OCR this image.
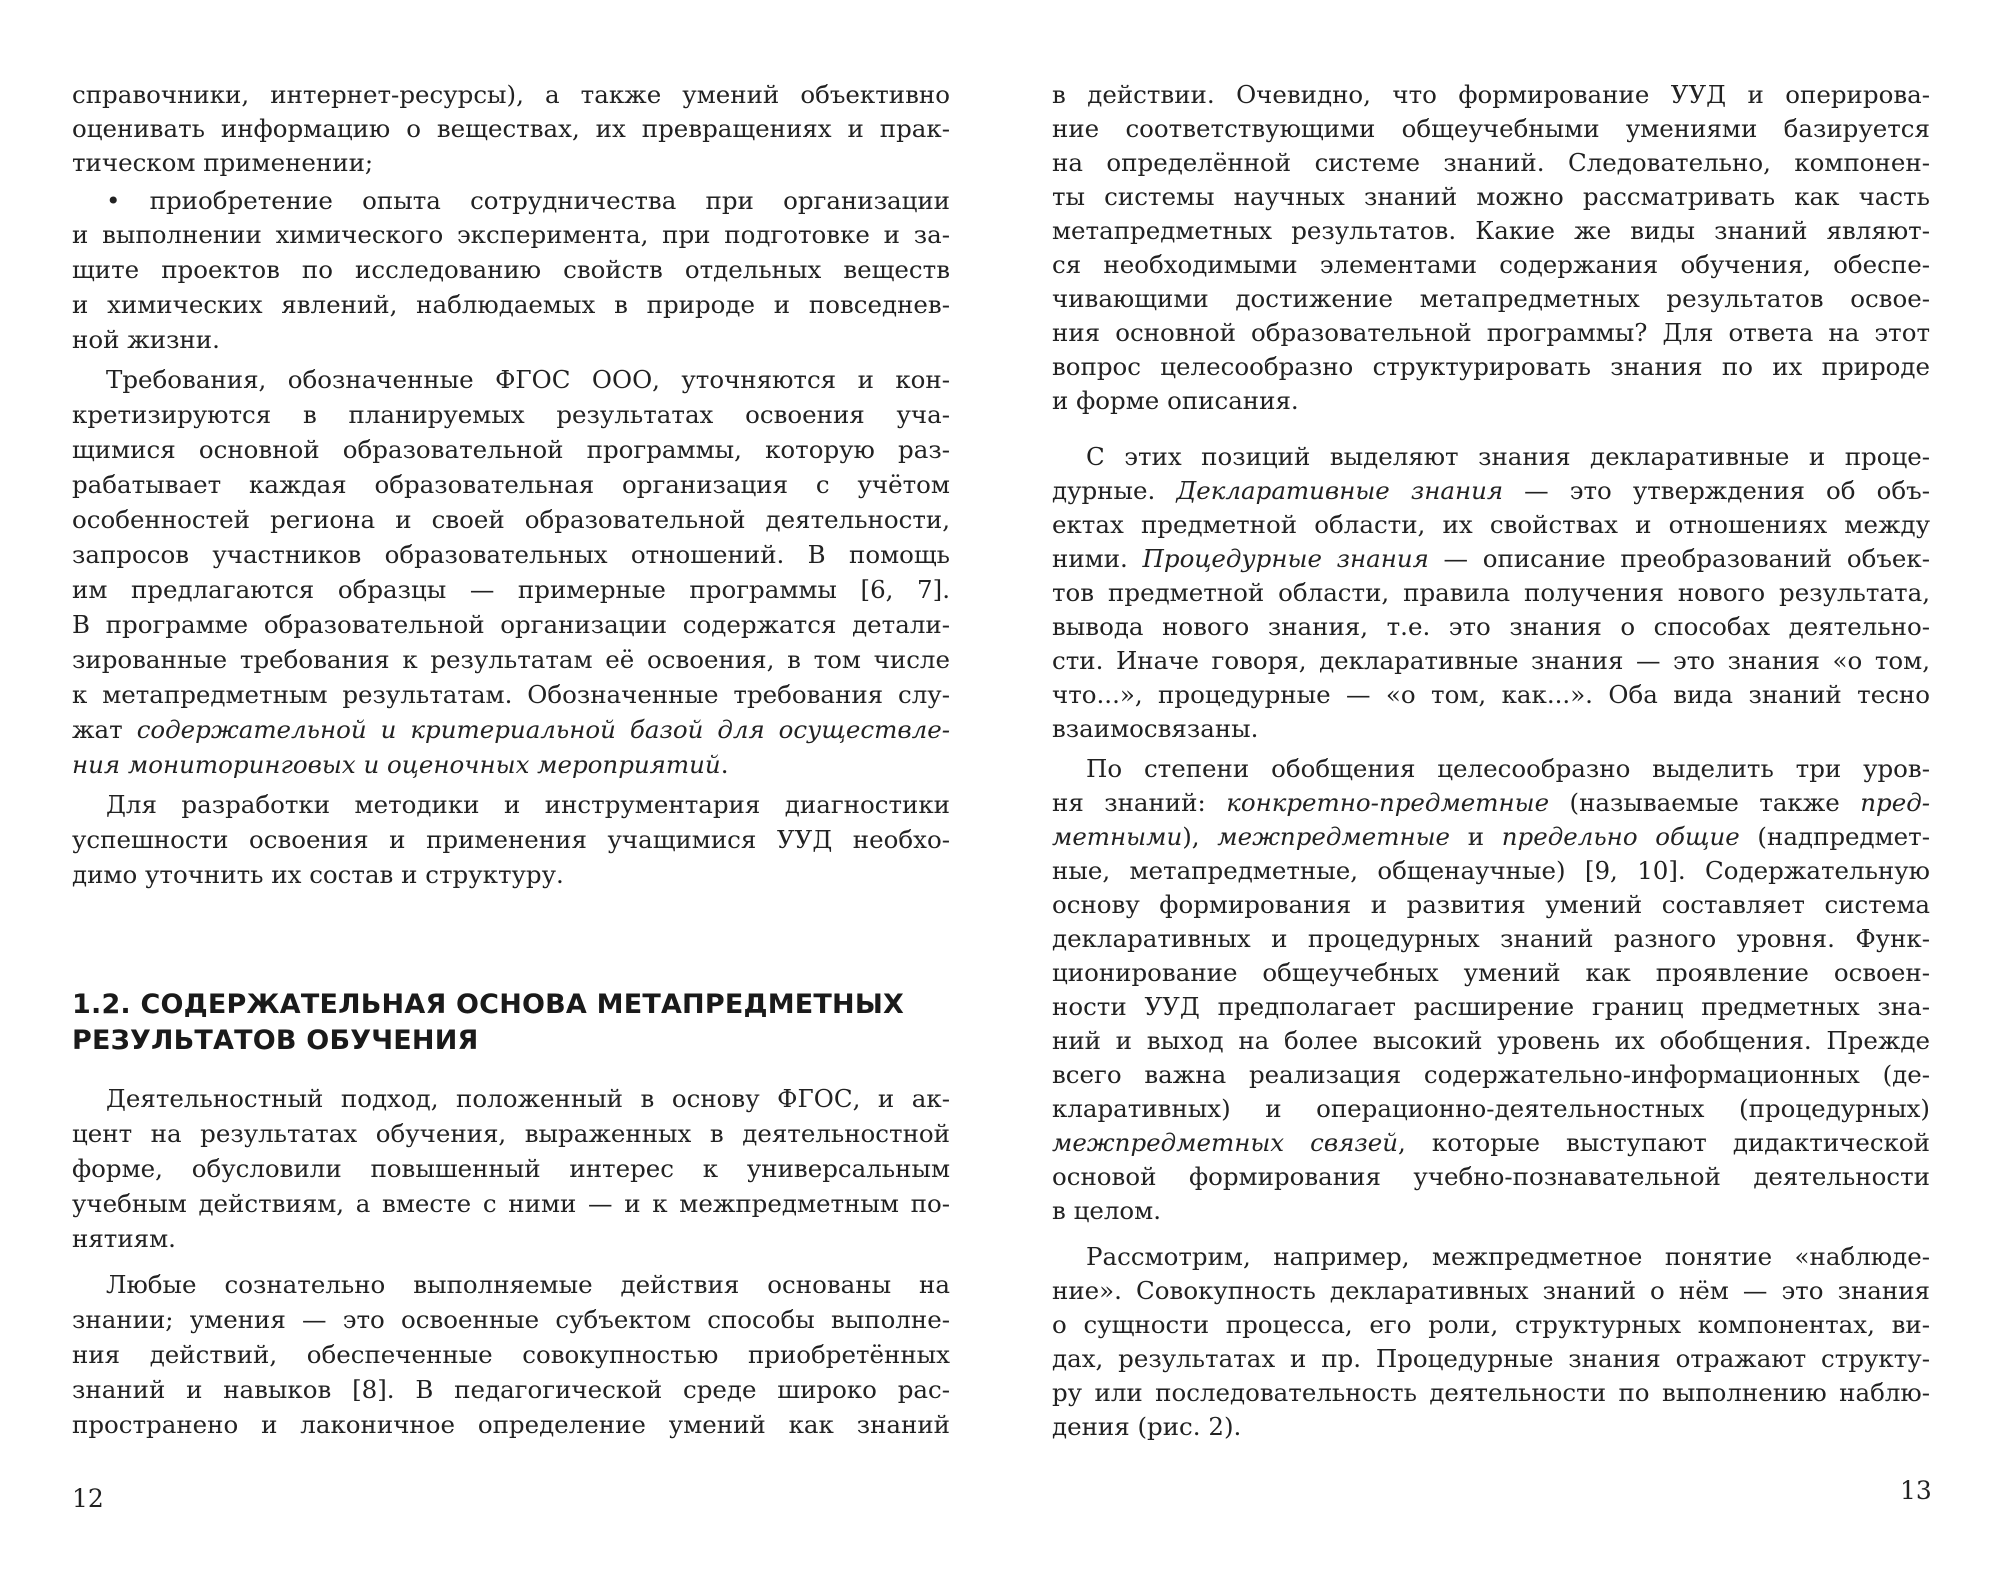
справочники, интернет-ресурсы), а также умений объективно
оценивать информацию о веществах, их превращениях и прак-
тическом применении;
• приобретение опыта сотрудничества при организации
и выполнении химического эксперимента, при подготовке и за-
щите проектов по исследованию свойств отдельных веществ
и химических явлений, наблюдаемых в природе и повседнев-
ной жизни.
Требования, обозначенные ФГОС ООО, уточняются и кон-
кретизируются в планируемых результатах освоения уча-
щимися основной образовательной программы, которую раз-
рабатывает каждая образовательная организация с учётом
особенностей региона и своей образовательной деятельности,
запросов участников образовательных отношений. В помощь
им предлагаются образцы — примерные программы [6, 7].
В программе образовательной организации содержатся детали-
зированные требования к результатам её освоения, в том числе
к метапредметным результатам. Обозначенные требования слу-
жат содержательной и критериальной базой для осуществле-
ния мониторинговых и оценочных мероприятий.
Для разработки методики и инструментария диагностики
успешности освоения и применения учащимися УУД необхо-
димо уточнить их состав и структуру.
1.2. СОДЕРЖАТЕЛЬНАЯ ОСНОВА МЕТАПРЕДМЕТНЫХ
РЕЗУЛЬТАТОВ ОБУЧЕНИЯ
Деятельностный подход, положенный в основу ФГОС, и ак-
цент на результатах обучения, выраженных в деятельностной
форме, обусловили повышенный интерес к универсальным
учебным действиям, а вместе с ними — и к межпредметным по-
нятиям.
Любые сознательно выполняемые действия основаны на
знании; умения — это освоенные субъектом способы выполне-
ния действий, обеспеченные совокупностью приобретённых
знаний и навыков [8]. В педагогической среде широко рас-
пространено и лаконичное определение умений как знаний
12
в действии. Очевидно, что формирование УУД и оперирова-
ние соответствующими общеучебными умениями базируется
на определённой системе знаний. Следовательно, компонен-
ты системы научных знаний можно рассматривать как часть
метапредметных результатов. Какие же виды знаний являют-
ся необходимыми элементами содержания обучения, обеспе-
чивающими достижение метапредметных результатов освое-
ния основной образовательной программы? Для ответа на этот
вопрос целесообразно структурировать знания по их природе
и форме описания.
С этих позиций выделяют знания декларативные и проце-
дурные. Декларативные знания — это утверждения об объ-
ектах предметной области, их свойствах и отношениях между
ними. Процедурные знания — описание преобразований объек-
тов предметной области, правила получения нового результата,
вывода нового знания, т.е. это знания о способах деятельно-
сти. Иначе говоря, декларативные знания — это знания «о том,
что...», процедурные — «о том, как...». Оба вида знаний тесно
взаимосвязаны.
По степени обобщения целесообразно выделить три уров-
ня знаний: конкретно-предметные (называемые также пред-
метными), межпредметные и предельно общие (надпредмет-
ные, метапредметные, общенаучные) [9, 10]. Содержательную
основу формирования и развития умений составляет система
декларативных и процедурных знаний разного уровня. Функ-
ционирование общеучебных умений как проявление освоен-
ности УУД предполагает расширение границ предметных зна-
ний и выход на более высокий уровень их обобщения. Прежде
всего важна реализация содержательно-информационных (де-
кларативных) и операционно-деятельностных (процедурных)
межпредметных связей, которые выступают дидактической
основой формирования учебно-познавательной деятельности
в целом.
Рассмотрим, например, межпредметное понятие «наблюде-
ние». Совокупность декларативных знаний о нём — это знания
о сущности процесса, его роли, структурных компонентах, ви-
дах, результатах и пр. Процедурные знания отражают структу-
ру или последовательность деятельности по выполнению наблю-
дения (рис. 2).
13
